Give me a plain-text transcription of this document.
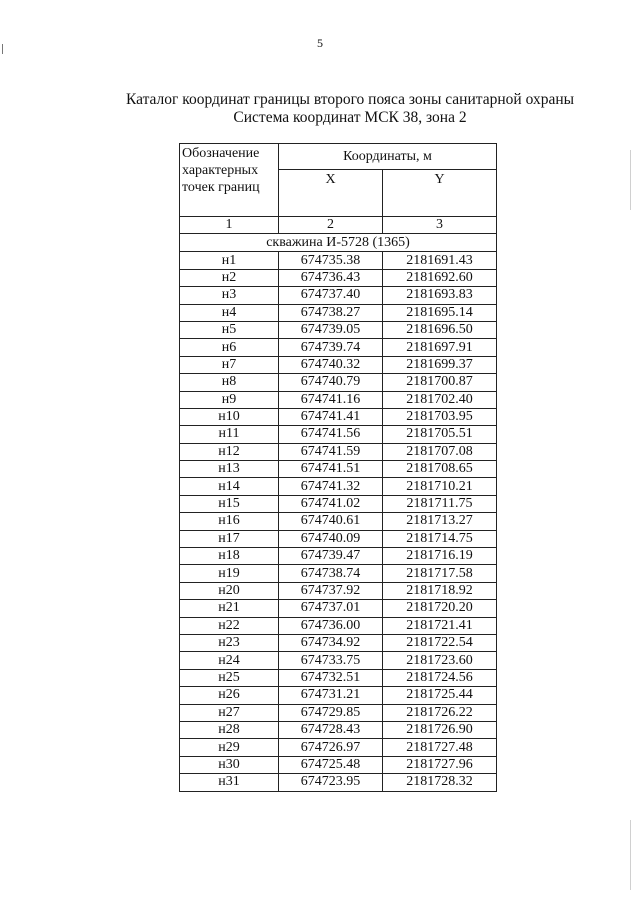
5
Каталог координат границы второго пояса зоны санитарной охраны
Система координат МСК 38, зона 2
Обозначение характерных точек границ	Координаты, м	
	X	Y
1	2	3
скважина И-5728 (1365)		
н1	674735.38	2181691.43
н2	674736.43	2181692.60
н3	674737.40	2181693.83
н4	674738.27	2181695.14
н5	674739.05	2181696.50
н6	674739.74	2181697.91
н7	674740.32	2181699.37
н8	674740.79	2181700.87
н9	674741.16	2181702.40
н10	674741.41	2181703.95
н11	674741.56	2181705.51
н12	674741.59	2181707.08
н13	674741.51	2181708.65
н14	674741.32	2181710.21
н15	674741.02	2181711.75
н16	674740.61	2181713.27
н17	674740.09	2181714.75
н18	674739.47	2181716.19
н19	674738.74	2181717.58
н20	674737.92	2181718.92
н21	674737.01	2181720.20
н22	674736.00	2181721.41
н23	674734.92	2181722.54
н24	674733.75	2181723.60
н25	674732.51	2181724.56
н26	674731.21	2181725.44
н27	674729.85	2181726.22
н28	674728.43	2181726.90
н29	674726.97	2181727.48
н30	674725.48	2181727.96
н31	674723.95	2181728.32
